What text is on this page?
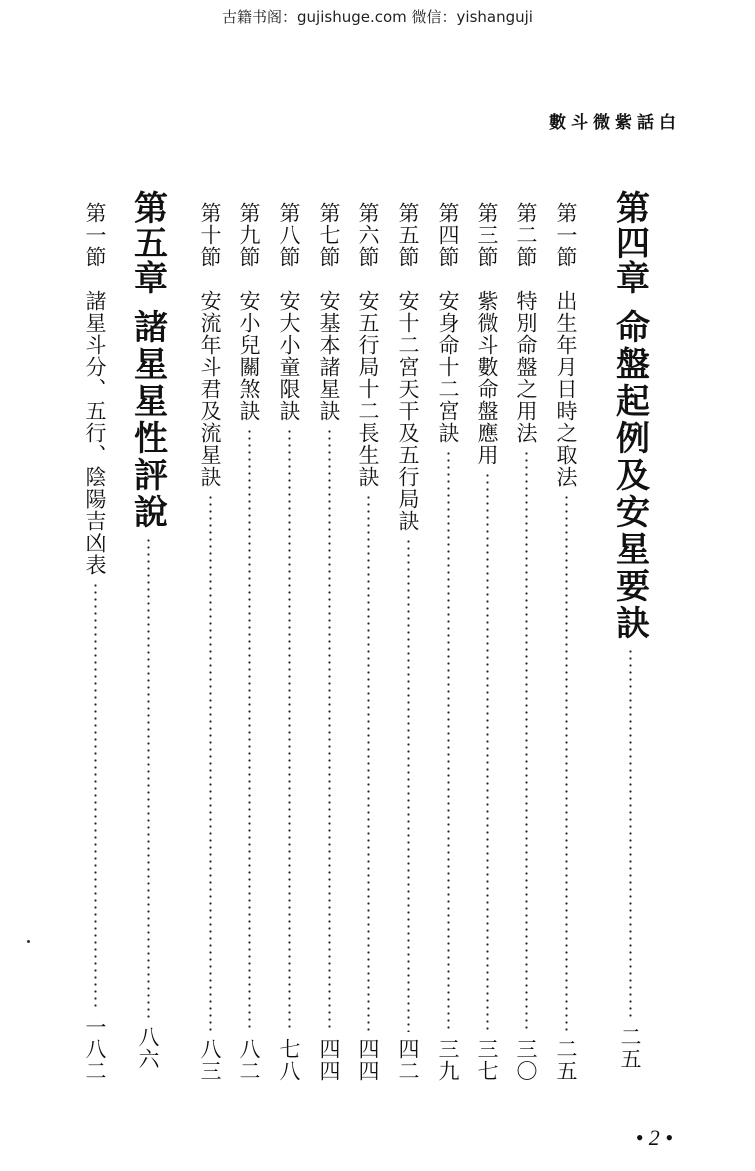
古籍书阁：gujishuge.com 微信：yishanguji
數斗微紫話白
第四章
命盤起例及安星要訣
二五
第一節
出生年月日時之取法
二五
第二節
特別命盤之用法
三〇
第三節
紫微斗數命盤應用
三七
第四節
安身命十二宮訣
三九
第五節
安十二宮天干及五行局訣
四二
第六節
安五行局十二長生訣
四四
第七節
安基本諸星訣
四四
第八節
安大小童限訣
七八
第九節
安小兒關煞訣
八二
第十節
安流年斗君及流星訣
八三
第五章
諸星星性評說
八六
第一節
諸星斗分、五行、陰陽吉凶表
一八二
• 2 •
